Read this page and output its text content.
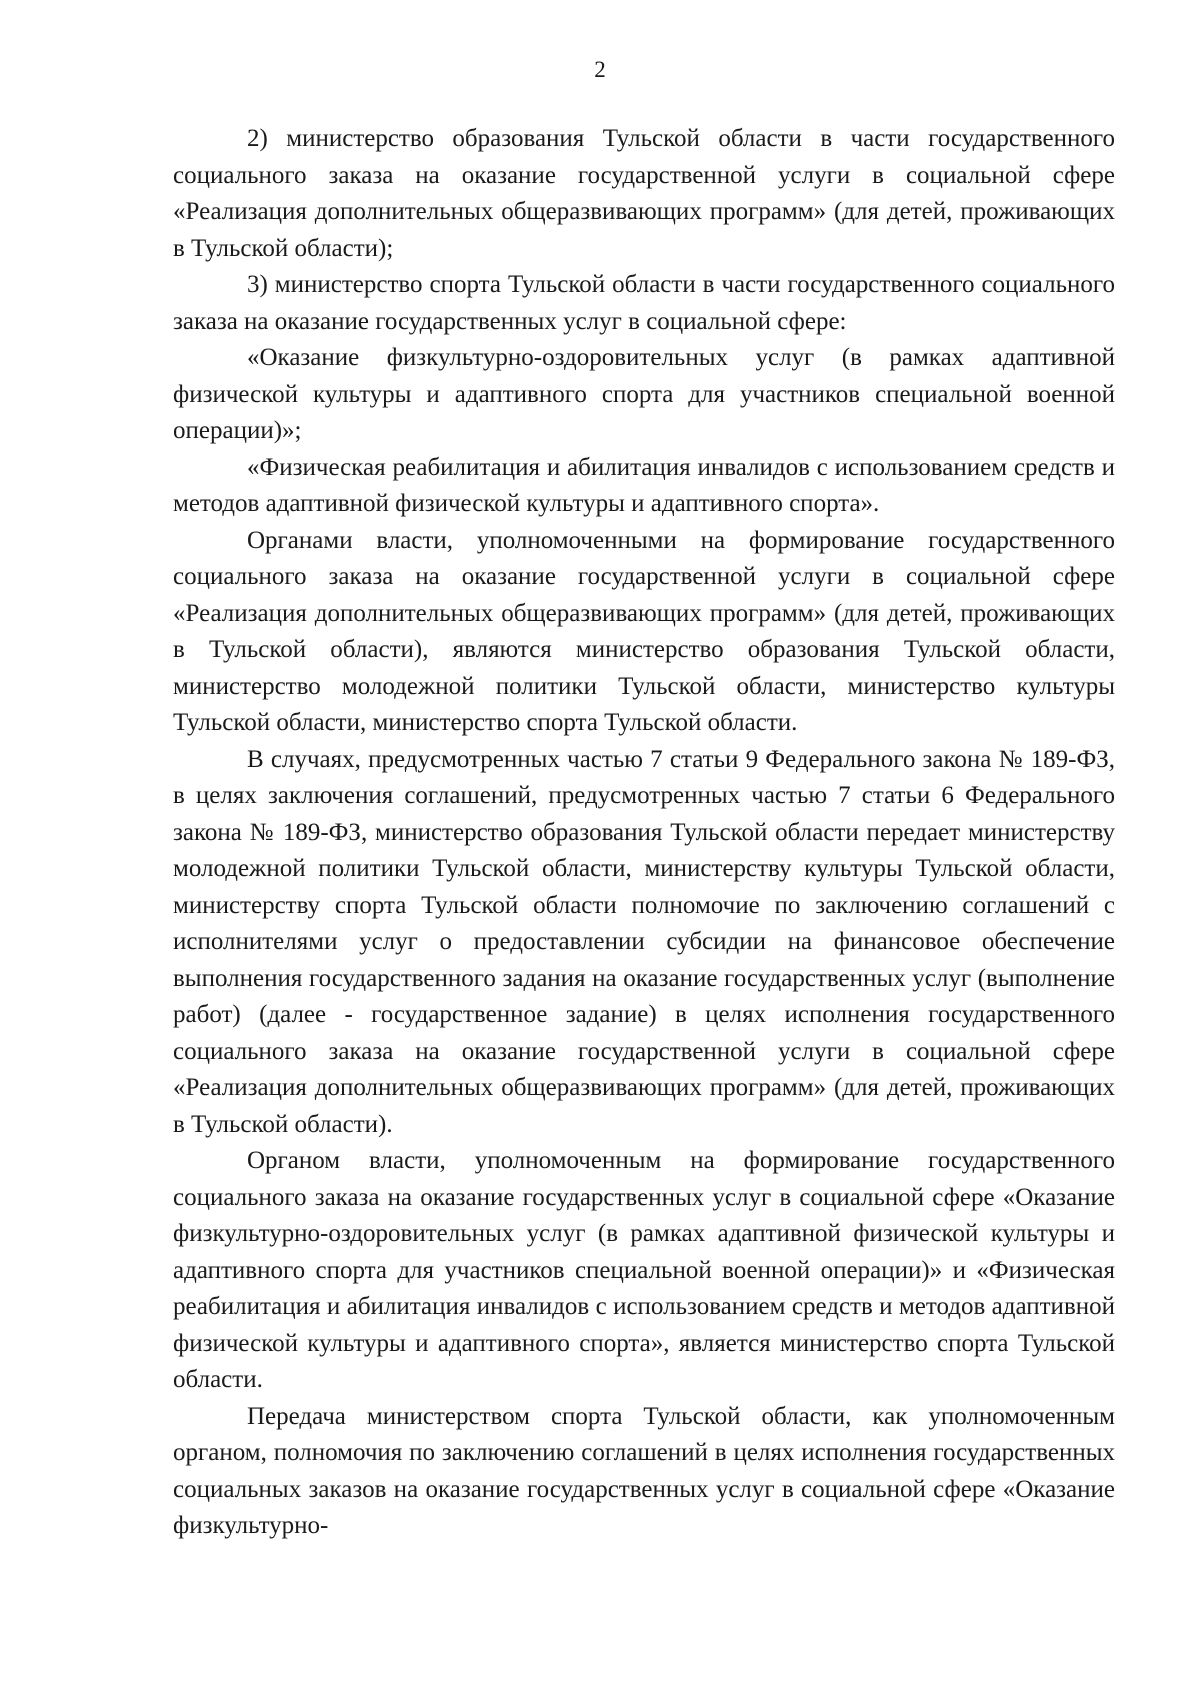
2

2) министерство образования Тульской области в части государственного социального заказа на оказание государственной услуги в социальной сфере «Реализация дополнительных общеразвивающих программ» (для детей, проживающих в Тульской области);

3) министерство спорта Тульской области в части государственного социального заказа на оказание государственных услуг в социальной сфере:

«Оказание физкультурно-оздоровительных услуг (в рамках адаптивной физической культуры и адаптивного спорта для участников специальной военной операции)»;

«Физическая реабилитация и абилитация инвалидов с использованием средств и методов адаптивной физической культуры и адаптивного спорта».

Органами власти, уполномоченными на формирование государственного социального заказа на оказание государственной услуги в социальной сфере «Реализация дополнительных общеразвивающих программ» (для детей, проживающих в Тульской области), являются министерство образования Тульской области, министерство молодежной политики Тульской области, министерство культуры Тульской области, министерство спорта Тульской области.

В случаях, предусмотренных частью 7 статьи 9 Федерального закона № 189-ФЗ, в целях заключения соглашений, предусмотренных частью 7 статьи 6 Федерального закона № 189-ФЗ, министерство образования Тульской области передает министерству молодежной политики Тульской области, министерству культуры Тульской области, министерству спорта Тульской области полномочие по заключению соглашений с исполнителями услуг о предоставлении субсидии на финансовое обеспечение выполнения государственного задания на оказание государственных услуг (выполнение работ) (далее - государственное задание) в целях исполнения государственного социального заказа на оказание государственной услуги в социальной сфере «Реализация дополнительных общеразвивающих программ» (для детей, проживающих в Тульской области).

Органом власти, уполномоченным на формирование государственного социального заказа на оказание государственных услуг в социальной сфере «Оказание физкультурно-оздоровительных услуг (в рамках адаптивной физической культуры и адаптивного спорта для участников специальной военной операции)» и «Физическая реабилитация и абилитация инвалидов с использованием средств и методов адаптивной физической культуры и адаптивного спорта», является министерство спорта Тульской области.

Передача министерством спорта Тульской области, как уполномоченным органом, полномочия по заключению соглашений в целях исполнения государственных социальных заказов на оказание государственных услуг в социальной сфере «Оказание физкультурно-
